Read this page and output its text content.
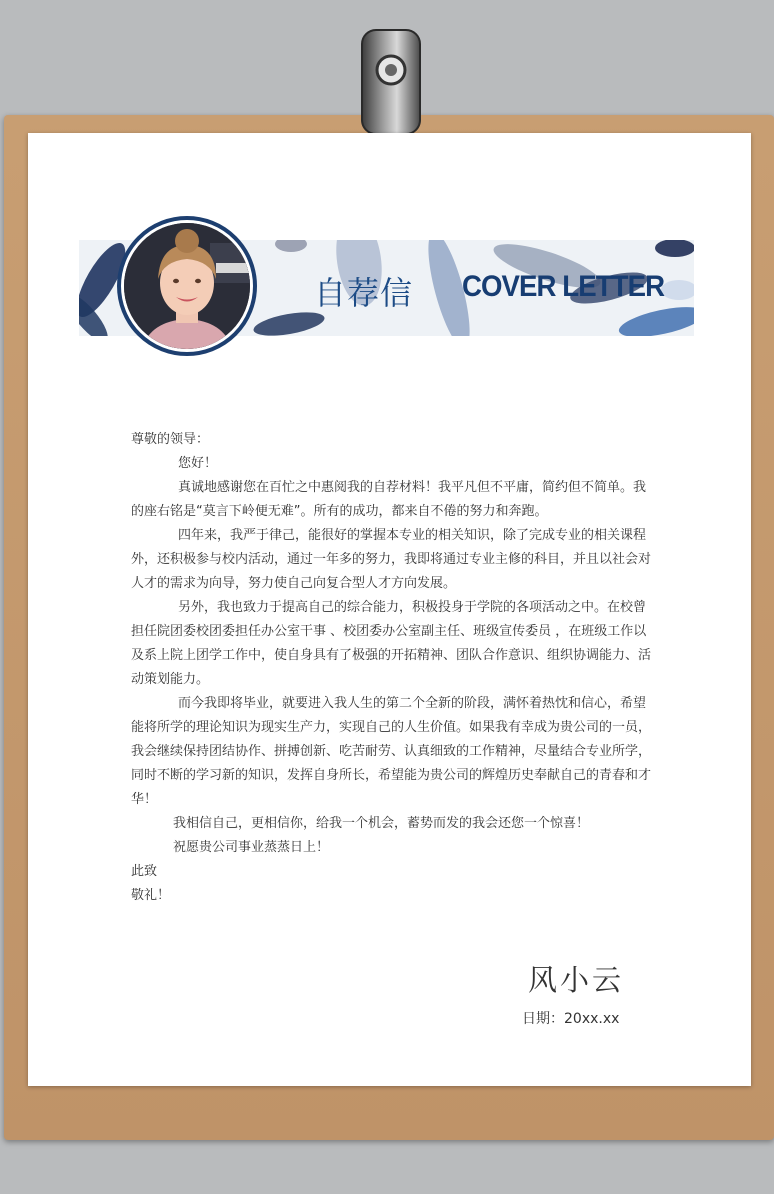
自荐信 COVER LETTER

尊敬的领导：

您好！

真诚地感谢您在百忙之中惠阅我的自荐材料！我平凡但不平庸，简约但不简单。我的座右铭是“莫言下岭便无难”。所有的成功，都来自不倦的努力和奔跑。

四年来，我严于律己，能很好的掌握本专业的相关知识，除了完成专业的相关课程外，还积极参与校内活动，通过一年多的努力，我即将通过专业主修的科目，并且以社会对人才的需求为向导，努力使自己向复合型人才方向发展。

另外，我也致力于提高自己的综合能力，积极投身于学院的各项活动之中。在校曾担任院团委校团委担任办公室干事 、校团委办公室副主任、班级宣传委员 ，在班级工作以及系上院上团学工作中，使自身具有了极强的开拓精神、团队合作意识、组织协调能力、活动策划能力。

而今我即将毕业，就要进入我人生的第二个全新的阶段，满怀着热忱和信心，希望能将所学的理论知识为现实生产力，实现自己的人生价值。如果我有幸成为贵公司的一员，我会继续保持团结协作、拼搏创新、吃苦耐劳、认真细致的工作精神，尽量结合专业所学，同时不断的学习新的知识，发挥自身所长，希望能为贵公司的辉煌历史奉献自己的青春和才华！

我相信自己，更相信你，给我一个机会，蓄势而发的我会还您一个惊喜！

祝愿贵公司事业蒸蒸日上！

此致

敬礼！

风小云
日期：20xx.xx
